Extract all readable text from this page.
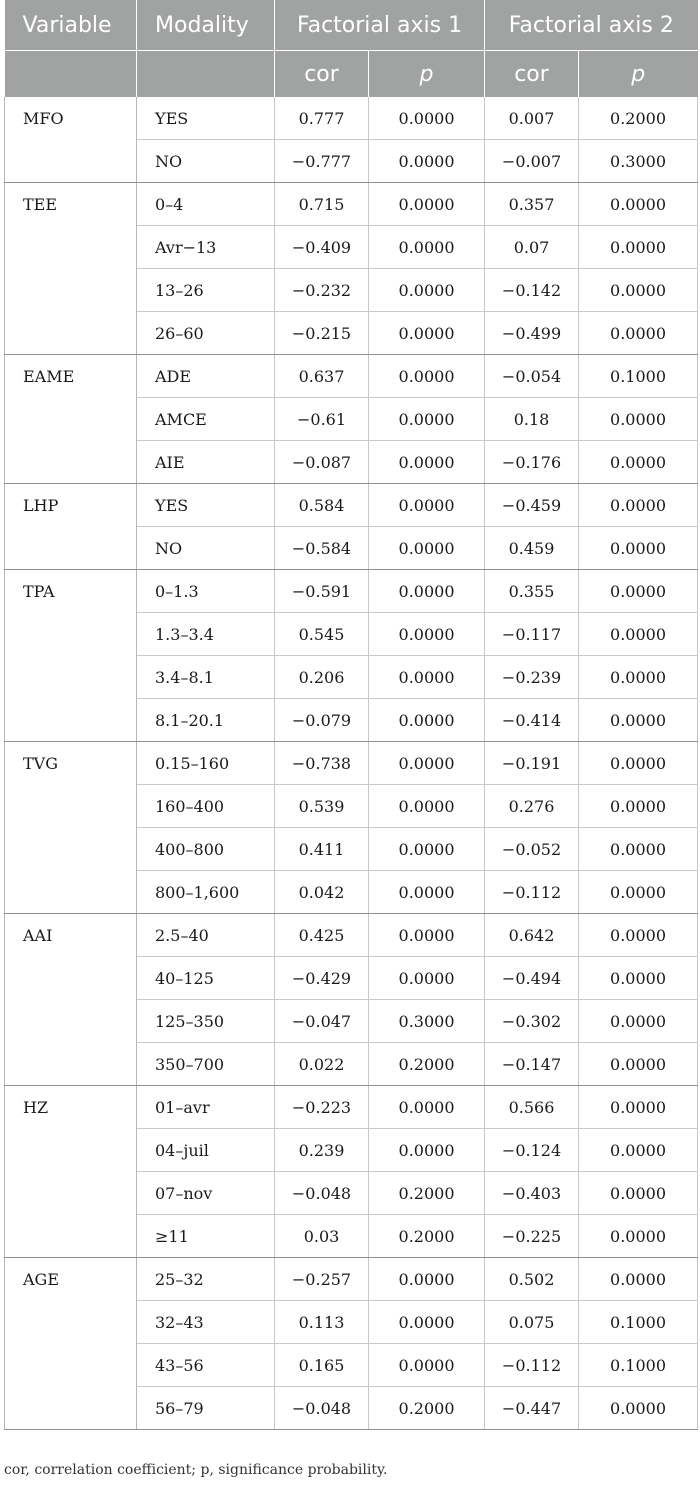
Variable	Modality	Factorial axis 1		Factorial axis 2	
		cor	p	cor	p
MFO	YES	0.777	0.0000	0.007	0.2000
	NO	−0.777	0.0000	−0.007	0.3000
TEE	0–4	0.715	0.0000	0.357	0.0000
	Avr−13	−0.409	0.0000	0.07	0.0000
	13–26	−0.232	0.0000	−0.142	0.0000
	26–60	−0.215	0.0000	−0.499	0.0000
EAME	ADE	0.637	0.0000	−0.054	0.1000
	AMCE	−0.61	0.0000	0.18	0.0000
	AIE	−0.087	0.0000	−0.176	0.0000
LHP	YES	0.584	0.0000	−0.459	0.0000
	NO	−0.584	0.0000	0.459	0.0000
TPA	0–1.3	−0.591	0.0000	0.355	0.0000
	1.3–3.4	0.545	0.0000	−0.117	0.0000
	3.4–8.1	0.206	0.0000	−0.239	0.0000
	8.1–20.1	−0.079	0.0000	−0.414	0.0000
TVG	0.15–160	−0.738	0.0000	−0.191	0.0000
	160–400	0.539	0.0000	0.276	0.0000
	400–800	0.411	0.0000	−0.052	0.0000
	800–1,600	0.042	0.0000	−0.112	0.0000
AAI	2.5–40	0.425	0.0000	0.642	0.0000
	40–125	−0.429	0.0000	−0.494	0.0000
	125–350	−0.047	0.3000	−0.302	0.0000
	350–700	0.022	0.2000	−0.147	0.0000
HZ	01–avr	−0.223	0.0000	0.566	0.0000
	04–juil	0.239	0.0000	−0.124	0.0000
	07–nov	−0.048	0.2000	−0.403	0.0000
	≥11	0.03	0.2000	−0.225	0.0000
AGE	25–32	−0.257	0.0000	0.502	0.0000
	32–43	0.113	0.0000	0.075	0.1000
	43–56	0.165	0.0000	−0.112	0.1000
	56–79	−0.048	0.2000	−0.447	0.0000
cor, correlation coefficient; p, significance probability.
